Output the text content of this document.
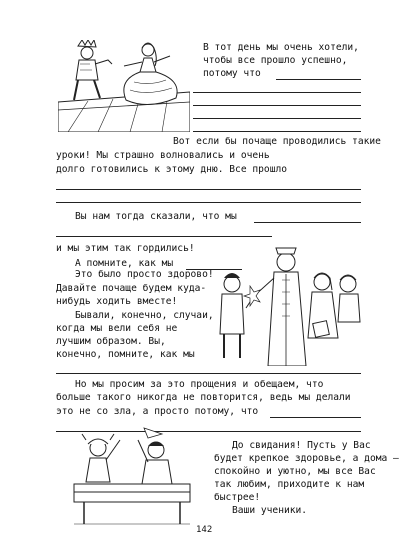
В тот день мы очень хотели,
чтобы все прошло успешно,
потому что
Вот если бы почаще проводились такие
уроки! Мы страшно волновались и очень
долго готовились к этому дню. Все прошло
Вы нам тогда сказали, что мы
и мы этим так гордились!
А помните, как мы
Это было просто здорово!
Давайте почаще будем куда-
нибудь ходить вместе!
Бывали, конечно, случаи,
когда мы вели себя не
лучшим образом. Вы,
конечно, помните, как мы
Но мы просим за это прощения и обещаем, что
больше такого никогда не повторится, ведь мы делали
это не со зла, а просто потому, что
До свидания! Пусть у Вас
будет крепкое здоровье, а дома —
спокойно и уютно, мы все Вас
так любим, приходите к нам
быстрее!
Ваши ученики.
142
